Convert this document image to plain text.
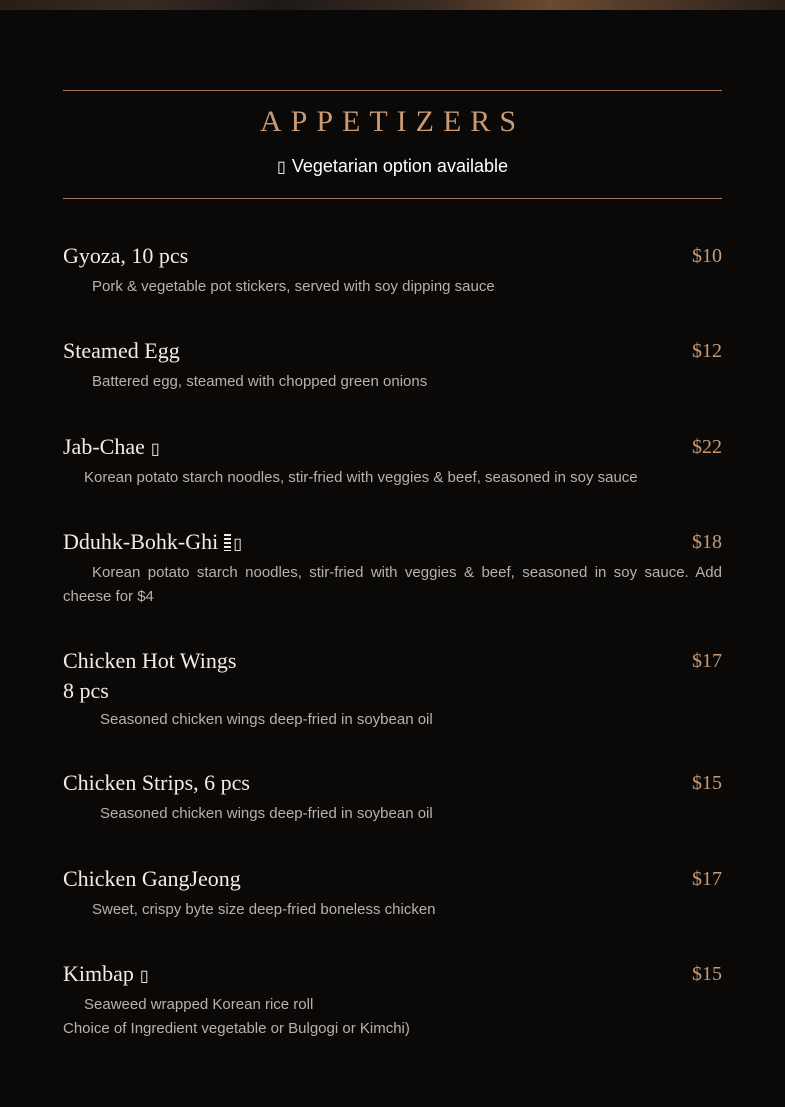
APPETIZERS
▯ Vegetarian option available
Gyoza, 10 pcs	$10
Pork & vegetable pot stickers, served with soy dipping sauce
Steamed Egg	$12
Battered egg, steamed with chopped green onions
Jab-Chae ▯	$22
Korean potato starch noodles, stir-fried with veggies & beef, seasoned in soy sauce
Dduhk-Bohk-Ghi ▯	$18
Korean potato starch noodles, stir-fried with veggies & beef, seasoned in soy sauce. Add cheese for $4
Chicken Hot Wings	$17
8 pcs
Seasoned chicken wings deep-fried in soybean oil
Chicken Strips, 6 pcs	$15
Seasoned chicken wings deep-fried in soybean oil
Chicken GangJeong	$17
Sweet, crispy byte size deep-fried boneless chicken
Kimbap ▯	$15
Seaweed wrapped Korean rice roll
Choice of Ingredient vegetable or Bulgogi or Kimchi)
